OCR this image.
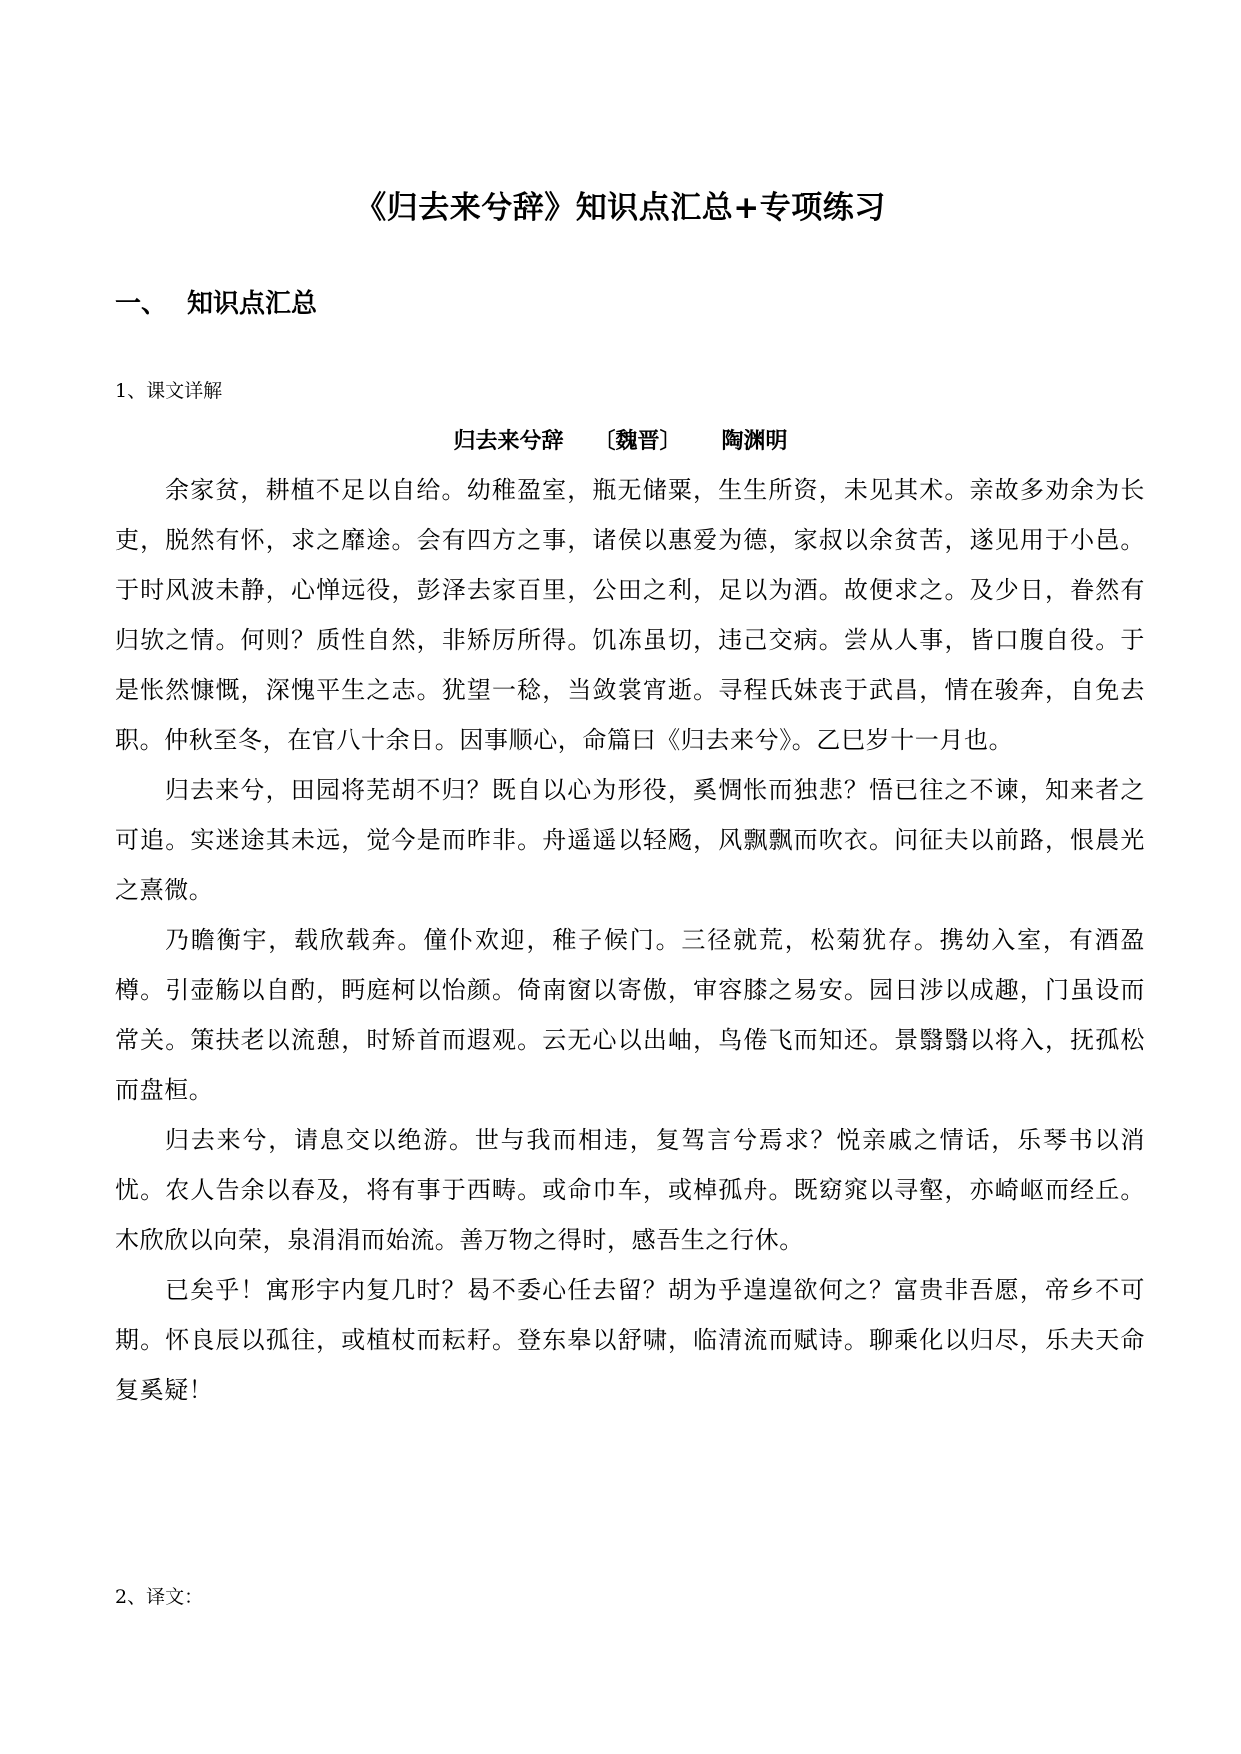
《归去来兮辞》知识点汇总+专项练习
一、 知识点汇总
1、课文详解
归去来兮辞 〔魏晋〕 陶渊明

余家贫，耕植不足以自给。幼稚盈室，瓶无储粟，生生所资，未见其术。亲故多劝余为长吏，脱然有怀，求之靡途。会有四方之事，诸侯以惠爱为德，家叔以余贫苦，遂见用于小邑。于时风波未静，心惮远役，彭泽去家百里，公田之利，足以为酒。故便求之。及少日，眷然有归欤之情。何则？质性自然，非矫厉所得。饥冻虽切，违己交病。尝从人事，皆口腹自役。于是怅然慷慨，深愧平生之志。犹望一稔，当敛裳宵逝。寻程氏妹丧于武昌，情在骏奔，自免去职。仲秋至冬，在官八十余日。因事顺心，命篇曰《归去来兮》。乙巳岁十一月也。

归去来兮，田园将芜胡不归？既自以心为形役，奚惆怅而独悲？悟已往之不谏，知来者之可追。实迷途其未远，觉今是而昨非。舟遥遥以轻飏，风飘飘而吹衣。问征夫以前路，恨晨光之熹微。

乃瞻衡宇，载欣载奔。僮仆欢迎，稚子候门。三径就荒，松菊犹存。携幼入室，有酒盈樽。引壶觞以自酌，眄庭柯以怡颜。倚南窗以寄傲，审容膝之易安。园日涉以成趣，门虽设而常关。策扶老以流憩，时矫首而遐观。云无心以出岫，鸟倦飞而知还。景翳翳以将入，抚孤松而盘桓。

归去来兮，请息交以绝游。世与我而相违，复驾言兮焉求？悦亲戚之情话，乐琴书以消忧。农人告余以春及，将有事于西畴。或命巾车，或棹孤舟。既窈窕以寻壑，亦崎岖而经丘。木欣欣以向荣，泉涓涓而始流。善万物之得时，感吾生之行休。

已矣乎！寓形宇内复几时？曷不委心任去留？胡为乎遑遑欲何之？富贵非吾愿，帝乡不可期。怀良辰以孤往，或植杖而耘耔。登东皋以舒啸，临清流而赋诗。聊乘化以归尽，乐夫天命复奚疑！

2、译文：
